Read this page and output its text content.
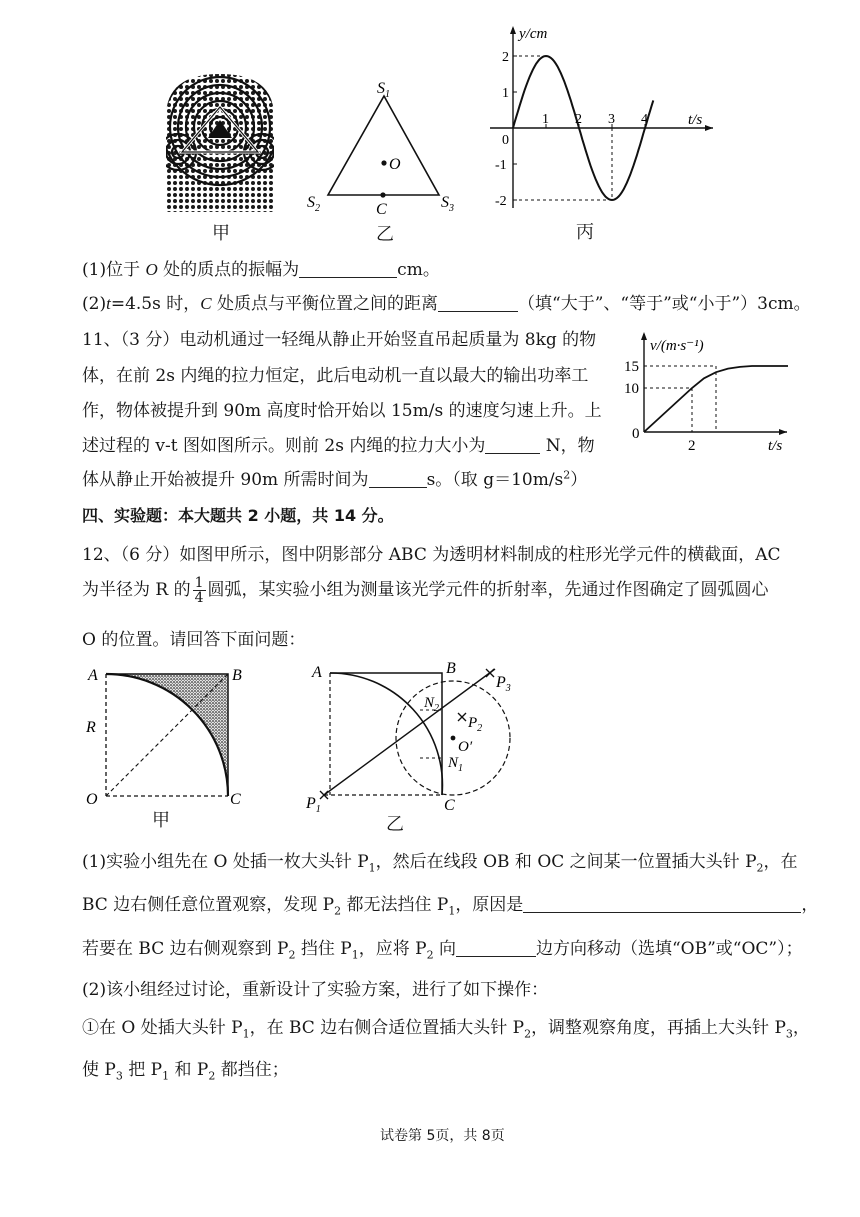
甲
$S_1$
$S_2$	$S_3$
O
C
乙
y/cm
t/s
0
1 2 3 4
2
1
-1
-2
丙
(1)位于 O 处的质点的振幅为	cm。
(2)t=4.5s 时，C 处质点与平衡位置之间的距离	（填“大于”、“等于”或“小于”）3cm。
11、（3 分）电动机通过一轻绳从静止开始竖直吊起质量为 8kg 的物
体，在前 2s 内绳的拉力恒定，此后电动机一直以最大的输出功率工
作，物体被提升到 90m 高度时恰开始以 15m/s 的速度匀速上升。上
述过程的 v-t 图如图所示。则前 2s 内绳的拉力大小为	N，物
体从静止开始被提升 90m 所需时间为	s。（取 $g=10m/s^2$）
v/(m·s⁻¹)
t/s
0
15
10
2
四、实验题：本大题共 2 小题，共 14 分。
12、（6 分）如图甲所示，图中阴影部分 ABC 为透明材料制成的柱形光学元件的横截面，AC
为半径为 R 的 $\frac{1}{4}$ 圆弧，某实验小组为测量该光学元件的折射率，先通过作图确定了圆弧圆心
O 的位置。请回答下面问题：
A	B
R
O	C
甲
A	B
$P_3$
$N_2$
$P_2$
O′
$N_1$
$P_1$	C
乙
(1)实验小组先在 O 处插一枚大头针 $P_1$，然后在线段 OB 和 OC 之间某一位置插大头针 $P_2$，在
BC 边右侧任意位置观察，发现 $P_2$ 都无法挡住 $P_1$，原因是	，
若要在 BC 边右侧观察到 $P_2$ 挡住 $P_1$，应将 $P_2$ 向	边方向移动（选填“OB”或“OC”）；
(2)该小组经过讨论，重新设计了实验方案，进行了如下操作：
①在 O 处插大头针 $P_1$，在 BC 边右侧合适位置插大头针 $P_2$，调整观察角度，再插上大头针 $P_3$，
使 $P_3$ 把 $P_1$ 和 $P_2$ 都挡住；
试卷第 5页，共 8页
